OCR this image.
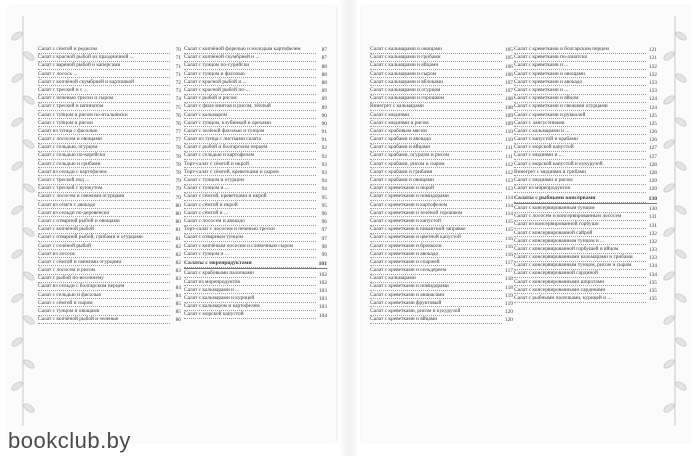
Салат с сёмгой и редисом	70
Салат с красной рыбой из праздничной ...	71
Салат с варёной рыбой и каперсами	71
Салат с лосось ...	71
Салат с копчёной скумбрией и картошкой	72
Салат с треской и с ...	73
Салат с печенью трески и сыром	74
Салат с треской и шпинатом	75
Салат с тунцом и рисом по-итальянски	76
Салат с тунцом и рисом	76
Салат из тунца с фасолью	77
Салат с лососем и овощами	77
Салат с сельдью, огурцом	78
Салат с сельдью по-корейски	78
Салат с сельдью и грибами	78
Салат из сельди с картофелем	78
Салат с треской под ...	79
Салат с треской с кунжутом	79
Салат с лососем и свежими огурцами	79
Салат из сёмги с авокадо	80
Салат из сельди по-деревенски	80
Салат с отварной рыбой и овощами	80
Салат с копчёной рыбой	81
Салат с отварной рыбой, грибами и огурцами	81
Салат с солёной рыбой	82
Салат из лосося	82
Салат с сёмгой и свежими огурцами	82
Салат с лососем и рисом	83
Салат с рыбой по-весеннему	83
Салат из сельди с болгарским перцем	84
Салат с сельдью и фасолью	84
Салат с сёмгой и сыром	85
Салат с тунцом и овощами	85
Салат с копчёной рыбой и зеленью	86
Салат с копчёной форелью и молодым картофелем	87
Салат с копчёной скумбрией и ...	87
Салат с тунцом по-гурийски	88
Салат с тунцом и фасолью	88
Салат с красной рыбой и ...	88
Салат с красной рыбой по-...	89
Салат с рыбой и рисом	89
Салат с филе минтая и рисом, тёплый	89
Салат с кальмаром	90
Салат с тунцом, клубникой и орехами	90
Салат с зелёной фасолью и тунцом	91
Салат из тунца с листьями салата	91
Салат с рыбой и болгарским перцем	92
Салат с сельдью и картофелем	92
Торт-салат с сёмгой и икрой	93
Торт-салат с сёмгой, креветками и сыром	93
Салат с тунцом и огурцом	94
Салат с тунцом и ...	94
Салат с сёмгой, креветками и икрой	95
Салат с сёмгой и икрой	95
Салат с сёмгой и ...	96
Салат с лососем и авокадо	96
Торт-салат с лососем и печенью трески	97
Салат с отварным тунцом	97
Салат с копчёным лососем и сливочным сыром	98
Салат с тунцом и ...	99
Салаты с морепродуктами	101
Салат с крабовыми палочками	102
Салат из морепродуктов	102
Салат с кальмарами и ...	103
Салат с кальмарами и курицей	103
Салат с кальмаром и картофелем	103
Салат с морской капустой	104
Салат с кальмарами и овощами	105
Салат с кальмарами и грибами	105
Салат с кальмарами и яйцами	106
Салат с кальмарами и сыром	106
Салат с кальмарами и яблоками	107
Салат с кальмарами и огурцом	107
Салат с кальмарами и горошком	108
Винегрет с кальмарами	108
Салат с мидиями	109
Салат с мидиями и рисом	109
Салат с крабовым мясом	110
Салат с крабами и авокадо	110
Салат с крабами и яйцами	111
Салат с крабами, огурцом и рисом	111
Салат с крабами, рисом и сыром	112
Салат с крабами и грибами	112
Салат с крабами и овощами	113
Салат с креветками и икрой	113
Салат с креветками и помидорами	114
Салат с креветками и картофелем	114
Салат с креветками и зелёной горошком	114
Салат с креветками и капустой	115
Салат с креветками в пикантной заправке	115
Салат с креветками и цветной капустой	116
Салат с креветками и брокколи	116
Салат с креветками и авокадо	116
Салат с креветками и спаржей	117
Салат с креветками и сельдереем	117
Салат с кальмарами	118
Салат с креветками и помидорами	118
Салат с креветками и ананасами	119
Салат с креветками фруктовый	119
Салат с креветками, рисом и кукурузой	120
Салат с креветками и яйцами	120
Салат с креветками и болгарским перцем	121
Салат с креветками по-азиатски	121
Салат с креветками и ...	122
Салат с креветками и овощами	122
Салат с креветками и авокадо	123
Салат с креветками и ...	123
Салат с креветками и яйцом	124
Салат с креветками и свежими огурцами	124
Салат с креветками и рукколой	125
Салат с лангустинами	125
Салат с кальмарами и ...	126
Салат с капустой и крабами	126
Салат с морской капустой	127
Салат с мидиями и ...	127
Салат с морской капустой и кукурузой	128
Винегрет с мидиями и грибами	128
Салат с мидиями и рисом	129
Салат из морепродуктов	129
Салаты с рыбными консервами	130
Салат с консервированным тунцом	130
Салат с лососем и консервированным лососем	131
Салат из консервированной горбуши	131
Салат с консервированной сайрой	132
Салат с консервированным тунцом и ...	132
Салат с консервированной горбушей и яйцом	133
Салат с консервированными кальмарами и грибами	133
Салат с консервированным тунцом, рисом и сыром	134
Салат с консервированной сардиной	134
Салат с консервированными шпротами	135
Салат с консервированными сардинами	135
Салат с рыбными палочками, курицей и ...	135
bookclub.by
